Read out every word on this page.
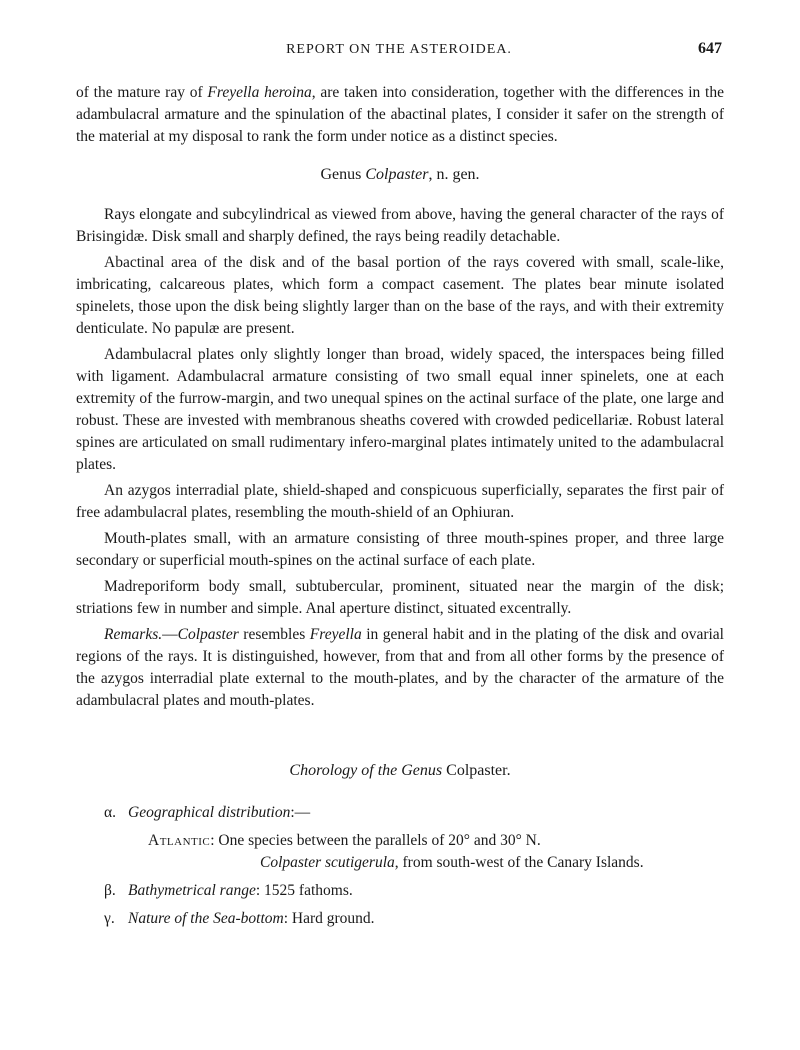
REPORT ON THE ASTEROIDEA.	647

of the mature ray of Freyella heroina, are taken into consideration, together with the differences in the adambulacral armature and the spinulation of the abactinal plates, I consider it safer on the strength of the material at my disposal to rank the form under notice as a distinct species.

Genus Colpaster, n. gen.

Rays elongate and subcylindrical as viewed from above, having the general character of the rays of Brisingidæ. Disk small and sharply defined, the rays being readily detachable.

Abactinal area of the disk and of the basal portion of the rays covered with small, scale-like, imbricating, calcareous plates, which form a compact casement. The plates bear minute isolated spinelets, those upon the disk being slightly larger than on the base of the rays, and with their extremity denticulate. No papulæ are present.

Adambulacral plates only slightly longer than broad, widely spaced, the interspaces being filled with ligament. Adambulacral armature consisting of two small equal inner spinelets, one at each extremity of the furrow-margin, and two unequal spines on the actinal surface of the plate, one large and robust. These are invested with membranous sheaths covered with crowded pedicellariæ. Robust lateral spines are articulated on small rudimentary infero-marginal plates intimately united to the adambulacral plates.

An azygos interradial plate, shield-shaped and conspicuous superficially, separates the first pair of free adambulacral plates, resembling the mouth-shield of an Ophiuran.

Mouth-plates small, with an armature consisting of three mouth-spines proper, and three large secondary or superficial mouth-spines on the actinal surface of each plate.

Madreporiform body small, subtubercular, prominent, situated near the margin of the disk; striations few in number and simple. Anal aperture distinct, situated excentrally.

Remarks.—Colpaster resembles Freyella in general habit and in the plating of the disk and ovarial regions of the rays. It is distinguished, however, from that and from all other forms by the presence of the azygos interradial plate external to the mouth-plates, and by the character of the armature of the adambulacral plates and mouth-plates.

Chorology of the Genus Colpaster.

α. Geographical distribution:—

Atlantic: One species between the parallels of 20° and 30° N.

Colpaster scutigerula, from south-west of the Canary Islands.

β. Bathymetrical range: 1525 fathoms.

γ. Nature of the Sea-bottom: Hard ground.
